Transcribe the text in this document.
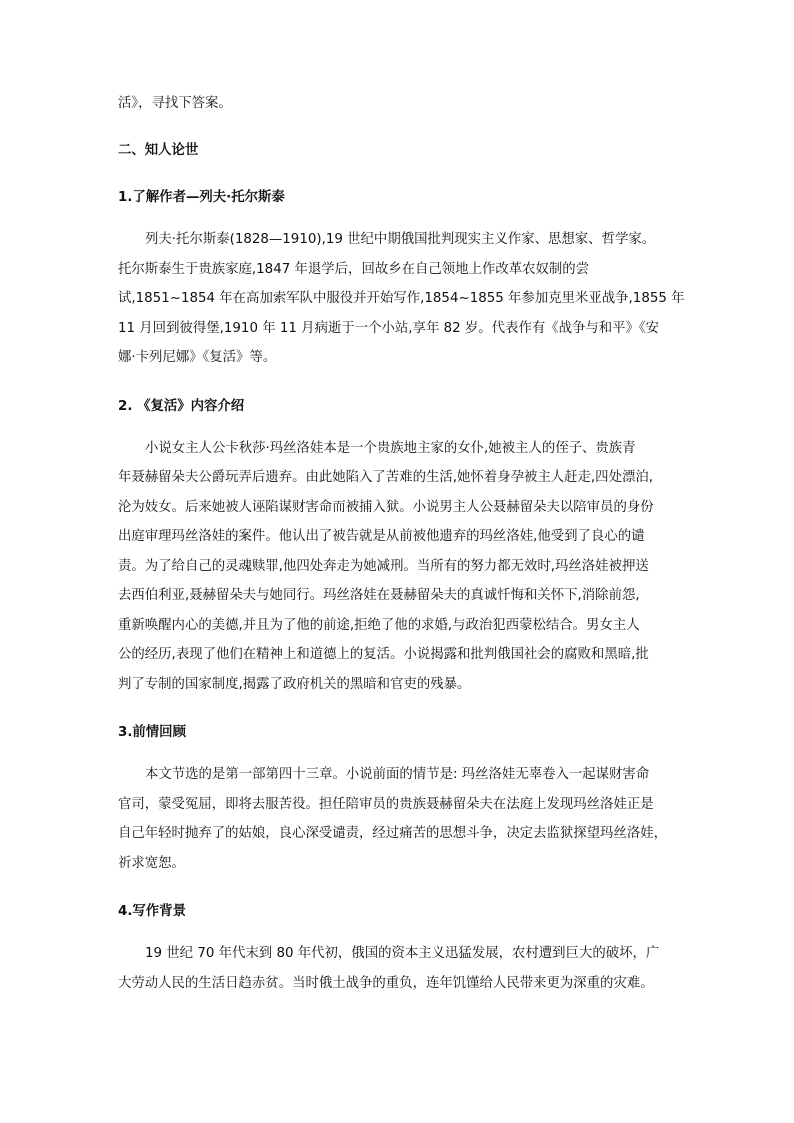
活》，寻找下答案。

二、知人论世

1.了解作者—列夫·托尔斯泰

列夫·托尔斯泰(1828—1910),19 世纪中期俄国批判现实主义作家、思想家、哲学家。
托尔斯泰生于贵族家庭,1847 年退学后，回故乡在自己领地上作改革农奴制的尝
试,1851~1854 年在高加索军队中服役并开始写作,1854~1855 年参加克里米亚战争,1855 年
11 月回到彼得堡,1910 年 11 月病逝于一个小站,享年 82 岁。代表作有《战争与和平》《安
娜·卡列尼娜》《复活》等。

2. 《复活》内容介绍

小说女主人公卡秋莎·玛丝洛娃本是一个贵族地主家的女仆,她被主人的侄子、贵族青
年聂赫留朵夫公爵玩弄后遗弃。由此她陷入了苦难的生活,她怀着身孕被主人赶走,四处漂泊,
沦为妓女。后来她被人诬陷谋财害命而被捕入狱。小说男主人公聂赫留朵夫以陪审员的身份
出庭审理玛丝洛娃的案件。他认出了被告就是从前被他遗弃的玛丝洛娃,他受到了良心的谴
责。为了给自己的灵魂赎罪,他四处奔走为她减刑。当所有的努力都无效时,玛丝洛娃被押送
去西伯利亚,聂赫留朵夫与她同行。玛丝洛娃在聂赫留朵夫的真诚忏悔和关怀下,消除前怨,
重新唤醒内心的美德,并且为了他的前途,拒绝了他的求婚,与政治犯西蒙松结合。男女主人
公的经历,表现了他们在精神上和道德上的复活。小说揭露和批判俄国社会的腐败和黑暗,批
判了专制的国家制度,揭露了政府机关的黑暗和官吏的残暴。

3.前情回顾

本文节选的是第一部第四十三章。小说前面的情节是: 玛丝洛娃无辜卷入一起谋财害命
官司，蒙受冤屈，即将去服苦役。担任陪审员的贵族聂赫留朵夫在法庭上发现玛丝洛娃正是
自己年轻时抛弃了的姑娘，良心深受谴责，经过痛苦的思想斗争，决定去监狱探望玛丝洛娃，
祈求宽恕。

4.写作背景

19 世纪 70 年代末到 80 年代初，俄国的资本主义迅猛发展，农村遭到巨大的破坏，广
大劳动人民的生活日趋赤贫。当时俄土战争的重负，连年饥馑给人民带来更为深重的灾难。
